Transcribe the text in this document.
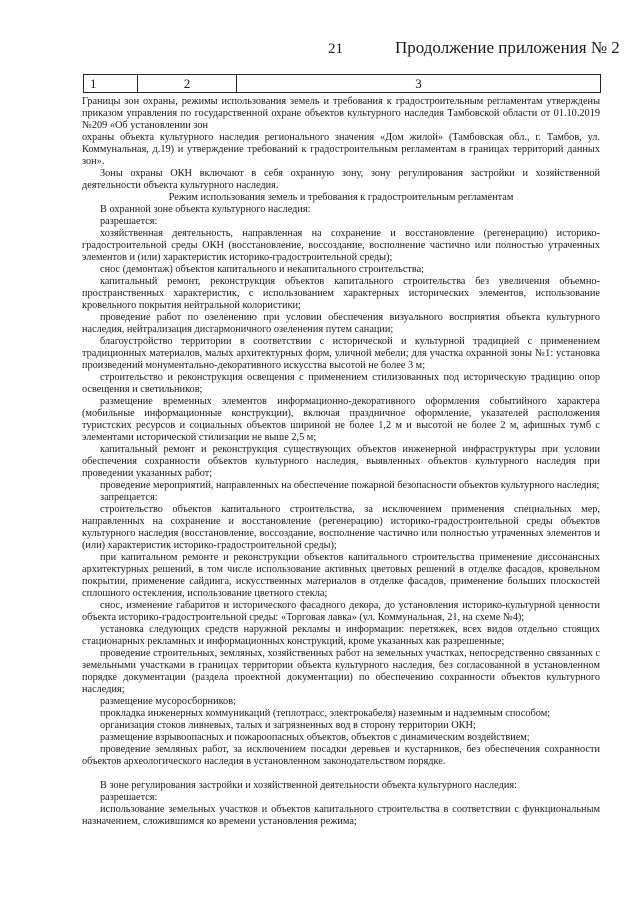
21	Продолжение приложения № 2
1	2	3

Границы зон охраны, режимы использования земель и требования к градостроительным регламентам утверждены приказом управления по государственной охране объектов культурного наследия Тамбовской области от 01.10.2019 №209 «Об установлении зон

охраны объекта культурного наследия регионального значения «Дом жилой» (Тамбовская обл., г. Тамбов, ул. Коммунальная, д.19) и утверждение требований к градостроительным регламентам в границах территорий данных зон».

Зоны охраны ОКН включают в себя охранную зону, зону регулирования застройки и хозяйственной деятельности объекта культурного наследия.

Режим использования земель и требования к градостроительным регламентам

В охранной зоне объекта культурного наследия:

разрешается:

хозяйственная деятельность, направленная на сохранение и восстановление (регенерацию) историко-градостроительной среды ОКН (восстановление, воссоздание, восполнение частично или полностью утраченных элементов и (или) характеристик историко-градостроительной среды);

снос (демонтаж) объектов капитального и некапитального строительства;

капитальный ремонт, реконструкция объектов капитального строительства без увеличения объемно-пространственных характеристик, с использованием характерных исторических элементов, использование кровельного покрытия нейтральной колористики;

проведение работ по озеленению при условии обеспечения визуального восприятия объекта культурного наследия, нейтрализация дисгармоничного озеленения путем санации;

благоустройство территории в соответствии с исторической и культурной традицией с применением традиционных материалов, малых архитектурных форм, уличной мебели; для участка охранной зоны №1: установка произведений монументально-декоративного искусства высотой не более 3 м;

строительство и реконструкция освещения с применением стилизованных под историческую традицию опор освещения и светильников;

размещение временных элементов информационно-декоративного оформления событийного характера (мобильные информационные конструкции), включая праздничное оформление, указателей расположения туристских ресурсов и социальных объектов шириной не более 1,2 м и высотой не более 2 м, афишных тумб с элементами исторической стилизации не выше 2,5 м;

капитальный ремонт и реконструкция существующих объектов инженерной инфраструктуры при условии обеспечения сохранности объектов культурного наследия, выявленных объектов культурного наследия при проведении указанных работ;

проведение мероприятий, направленных на обеспечение пожарной безопасности объектов культурного наследия;

запрещается:

строительство объектов капитального строительства, за исключением применения специальных мер, направленных на сохранение и восстановление (регенерацию) историко-градостроительной среды объектов культурного наследия (восстановление, воссоздание, восполнение частично или полностью утраченных элементов и (или) характеристик историко-градостроительной среды);

при капитальном ремонте и реконструкции объектов капитального строительства применение диссонансных архитектурных решений, в том числе использование активных цветовых решений в отделке фасадов, кровельном покрытии, применение сайдинга, искусственных материалов в отделке фасадов, применение больших плоскостей сплошного остекления, использование цветного стекла;

снос, изменение габаритов и исторического фасадного декора, до установления историко-культурной ценности объекта историко-градостроительной среды: «Торговая лавка» (ул. Коммунальная, 21, на схеме №4);

установка следующих средств наружной рекламы и информации: перетяжек, всех видов отдельно стоящих стационарных рекламных и информационных конструкций, кроме указанных как разрешенные;

проведение строительных, земляных, хозяйственных работ на земельных участках, непосредственно связанных с земельными участками в границах территории объекта культурного наследия, без согласованной в установленном порядке документации (раздела проектной документации) по обеспечению сохранности объектов культурного наследия;

размещение мусоросборников;

прокладка инженерных коммуникаций (теплотрасс, электрокабеля) наземным и надземным способом;

организация стоков ливневых, талых и загрязненных вод в сторону территории ОКН;

размещение взрывоопасных и пожароопасных объектов, объектов с динамическим воздействием;

проведение земляных работ, за исключением посадки деревьев и кустарников, без обеспечения сохранности объектов археологического наследия в установленном законодательством порядке.

В зоне регулирования застройки и хозяйственной деятельности объекта культурного наследия:

разрешается:

использование земельных участков и объектов капитального строительства в соответствии с функциональным назначением, сложившимся ко времени установления режима;
